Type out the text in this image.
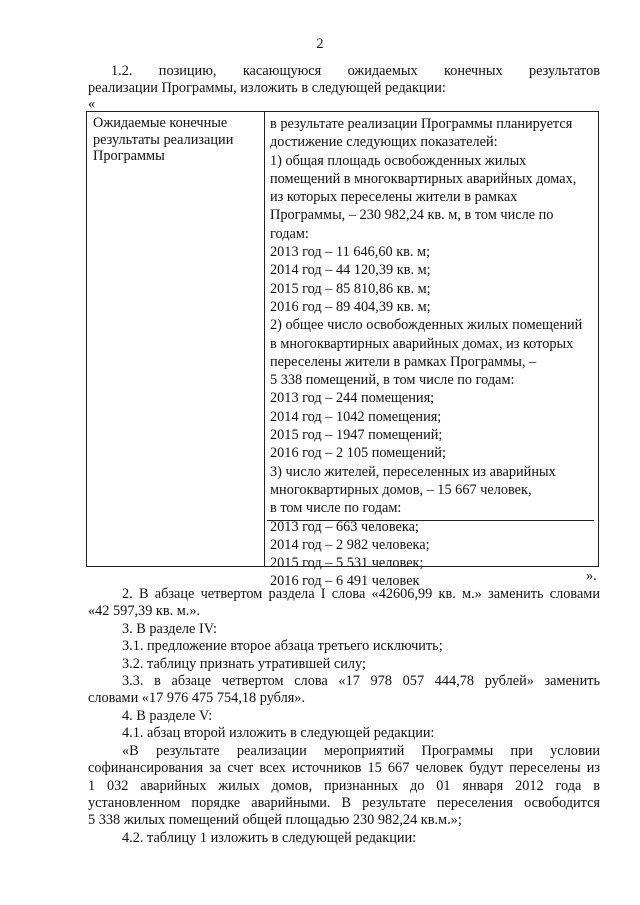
2
1.2. позицию, касающуюся ожидаемых конечных результатов
реализации Программы, изложить в следующей редакции:
«
Ожидаемые конечные
результаты реализации
Программы
в результате реализации Программы планируется
достижение следующих показателей:
1) общая площадь освобожденных жилых
помещений в многоквартирных аварийных домах,
из которых переселены жители в рамках
Программы, – 230 982,24 кв. м, в том числе по
годам:
2013 год – 11 646,60 кв. м;
2014 год – 44 120,39 кв. м;
2015 год – 85 810,86 кв. м;
2016 год – 89 404,39 кв. м;
2) общее число освобожденных жилых помещений
в многоквартирных аварийных домах, из которых
переселены жители в рамках Программы, –
5 338 помещений, в том числе по годам:
2013 год – 244 помещения;
2014 год – 1042 помещения;
2015 год – 1947 помещений;
2016 год – 2 105 помещений;
3) число жителей, переселенных из аварийных
многоквартирных домов, – 15 667 человек,
в том числе по годам:
2013 год – 663 человека;
2014 год – 2 982 человека;
2015 год – 5 531 человек;
2016 год – 6 491 человек	».
2. В абзаце четвертом раздела I слова «42606,99 кв. м.» заменить словами
«42 597,39 кв. м.».
3. В разделе IV:
3.1. предложение второе абзаца третьего исключить;
3.2. таблицу признать утратившей силу;
3.3. в абзаце четвертом слова «17 978 057 444,78 рублей» заменить
словами «17 976 475 754,18 рубля».
4. В разделе V:
4.1. абзац второй изложить в следующей редакции:
«В результате реализации мероприятий Программы при условии
софинансирования за счет всех источников 15 667 человек будут переселены из
1 032 аварийных жилых домов, признанных до 01 января 2012 года в
установленном порядке аварийными. В результате переселения освободится
5 338 жилых помещений общей площадью 230 982,24 кв.м.»;
4.2. таблицу 1 изложить в следующей редакции:
